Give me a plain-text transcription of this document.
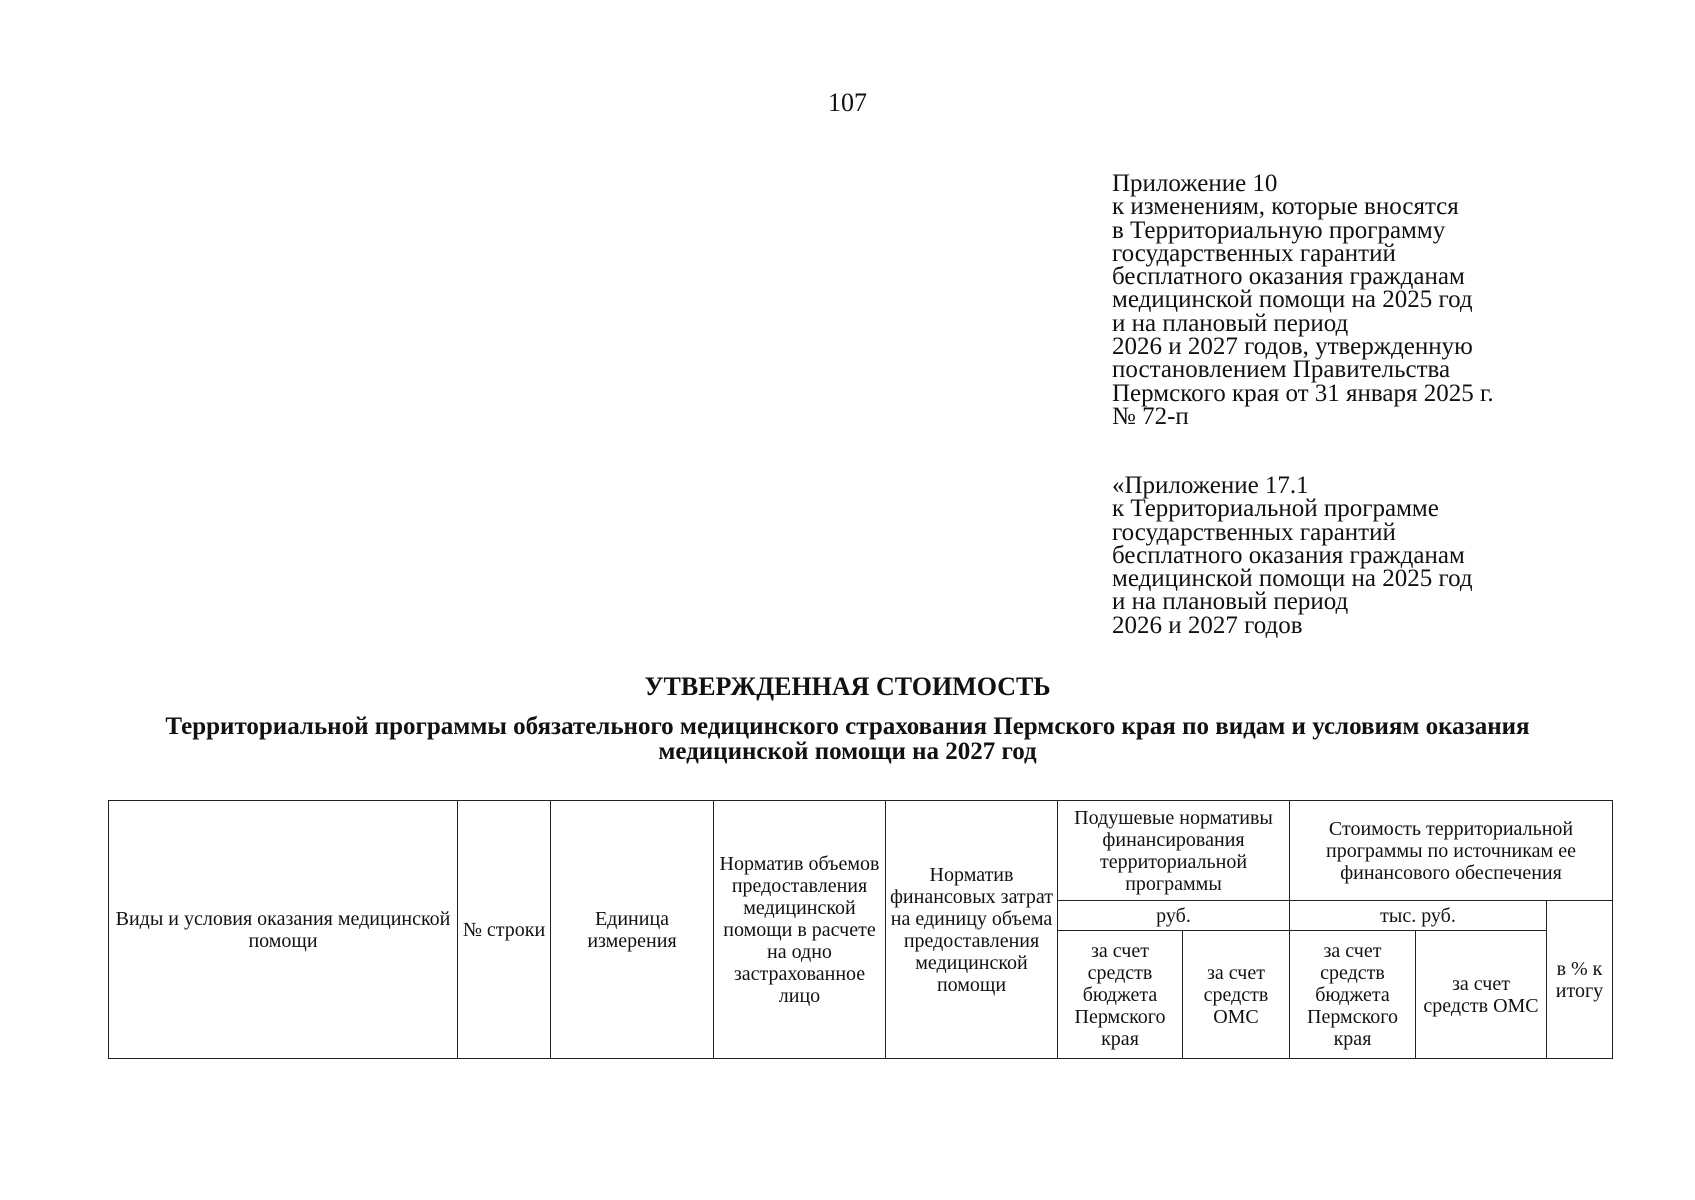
107
Приложение 10
к изменениям, которые вносятся
в Территориальную программу
государственных гарантий
бесплатного оказания гражданам
медицинской помощи на 2025 год
и на плановый период
2026 и 2027 годов, утвержденную
постановлением Правительства
Пермского края от 31 января 2025 г.
№ 72-п
«Приложение 17.1
к Территориальной программе
государственных гарантий
бесплатного оказания гражданам
медицинской помощи на 2025 год
и на плановый период
2026 и 2027 годов
УТВЕРЖДЕННАЯ СТОИМОСТЬ
Территориальной программы обязательного медицинского страхования Пермского края по видам и условиям оказания медицинской помощи на 2027 год
Виды и условия оказания медицинской помощи	№ строки	Единица измерения	Норматив объемов предоставления медицинской помощи в расчете на одно застрахованное лицо	Норматив финансовых затрат на единицу объема предоставления медицинской помощи	Подушевые нормативы финансирования территориальной программы		Стоимость территориальной программы по источникам ее финансового обеспечения		
					руб.		тыс. руб.		в % к итогу
					за счет средств бюджета Пермского края	за счет средств ОМС	за счет средств бюджета Пермского края	за счет средств ОМС	
